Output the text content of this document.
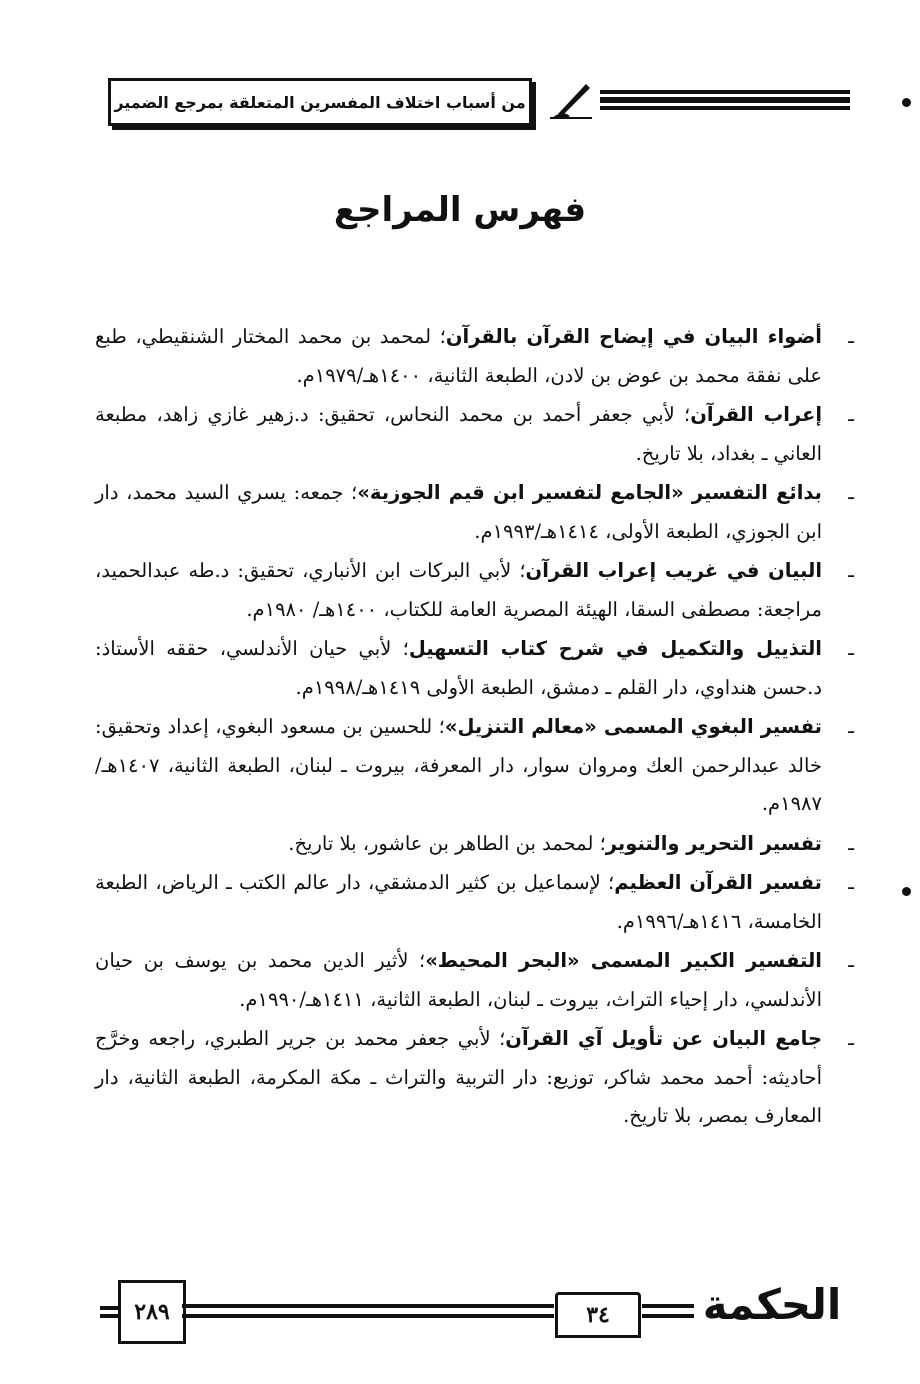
من أسباب اختلاف المفسرين المتعلقة بمرجع الضمير
فهرس المراجع
ـ أضواء البيان في إيضاح القرآن بالقرآن؛ لمحمد بن محمد المختار الشنقيطي، طبع على نفقة محمد بن عوض بن لادن، الطبعة الثانية، ١٤٠٠هـ/١٩٧٩م.
ـ إعراب القرآن؛ لأبي جعفر أحمد بن محمد النحاس، تحقيق: د.زهير غازي زاهد، مطبعة العاني ـ بغداد، بلا تاريخ.
ـ بدائع التفسير «الجامع لتفسير ابن قيم الجوزية»؛ جمعه: يسري السيد محمد، دار ابن الجوزي، الطبعة الأولى، ١٤١٤هـ/١٩٩٣م.
ـ البيان في غريب إعراب القرآن؛ لأبي البركات ابن الأنباري، تحقيق: د.طه عبدالحميد، مراجعة: مصطفى السقا، الهيئة المصرية العامة للكتاب، ١٤٠٠هـ/ ١٩٨٠م.
ـ التذييل والتكميل في شرح كتاب التسهيل؛ لأبي حيان الأندلسي، حققه الأستاذ: د.حسن هنداوي، دار القلم ـ دمشق، الطبعة الأولى ١٤١٩هـ/١٩٩٨م.
ـ تفسير البغوي المسمى «معالم التنزيل»؛ للحسين بن مسعود البغوي، إعداد وتحقيق: خالد عبدالرحمن العك ومروان سوار، دار المعرفة، بيروت ـ لبنان، الطبعة الثانية، ١٤٠٧هـ/١٩٨٧م.
ـ تفسير التحرير والتنوير؛ لمحمد بن الطاهر بن عاشور، بلا تاريخ.
ـ تفسير القرآن العظيم؛ لإسماعيل بن كثير الدمشقي، دار عالم الكتب ـ الرياض، الطبعة الخامسة، ١٤١٦هـ/١٩٩٦م.
ـ التفسير الكبير المسمى «البحر المحيط»؛ لأثير الدين محمد بن يوسف بن حيان الأندلسي، دار إحياء التراث، بيروت ـ لبنان، الطبعة الثانية، ١٤١١هـ/١٩٩٠م.
ـ جامع البيان عن تأويل آي القرآن؛ لأبي جعفر محمد بن جرير الطبري، راجعه وخرَّج أحاديثه: أحمد محمد شاكر، توزيع: دار التربية والتراث ـ مكة المكرمة، الطبعة الثانية، دار المعارف بمصر، بلا تاريخ.
٢٨٩	٣٤	الحكمة
